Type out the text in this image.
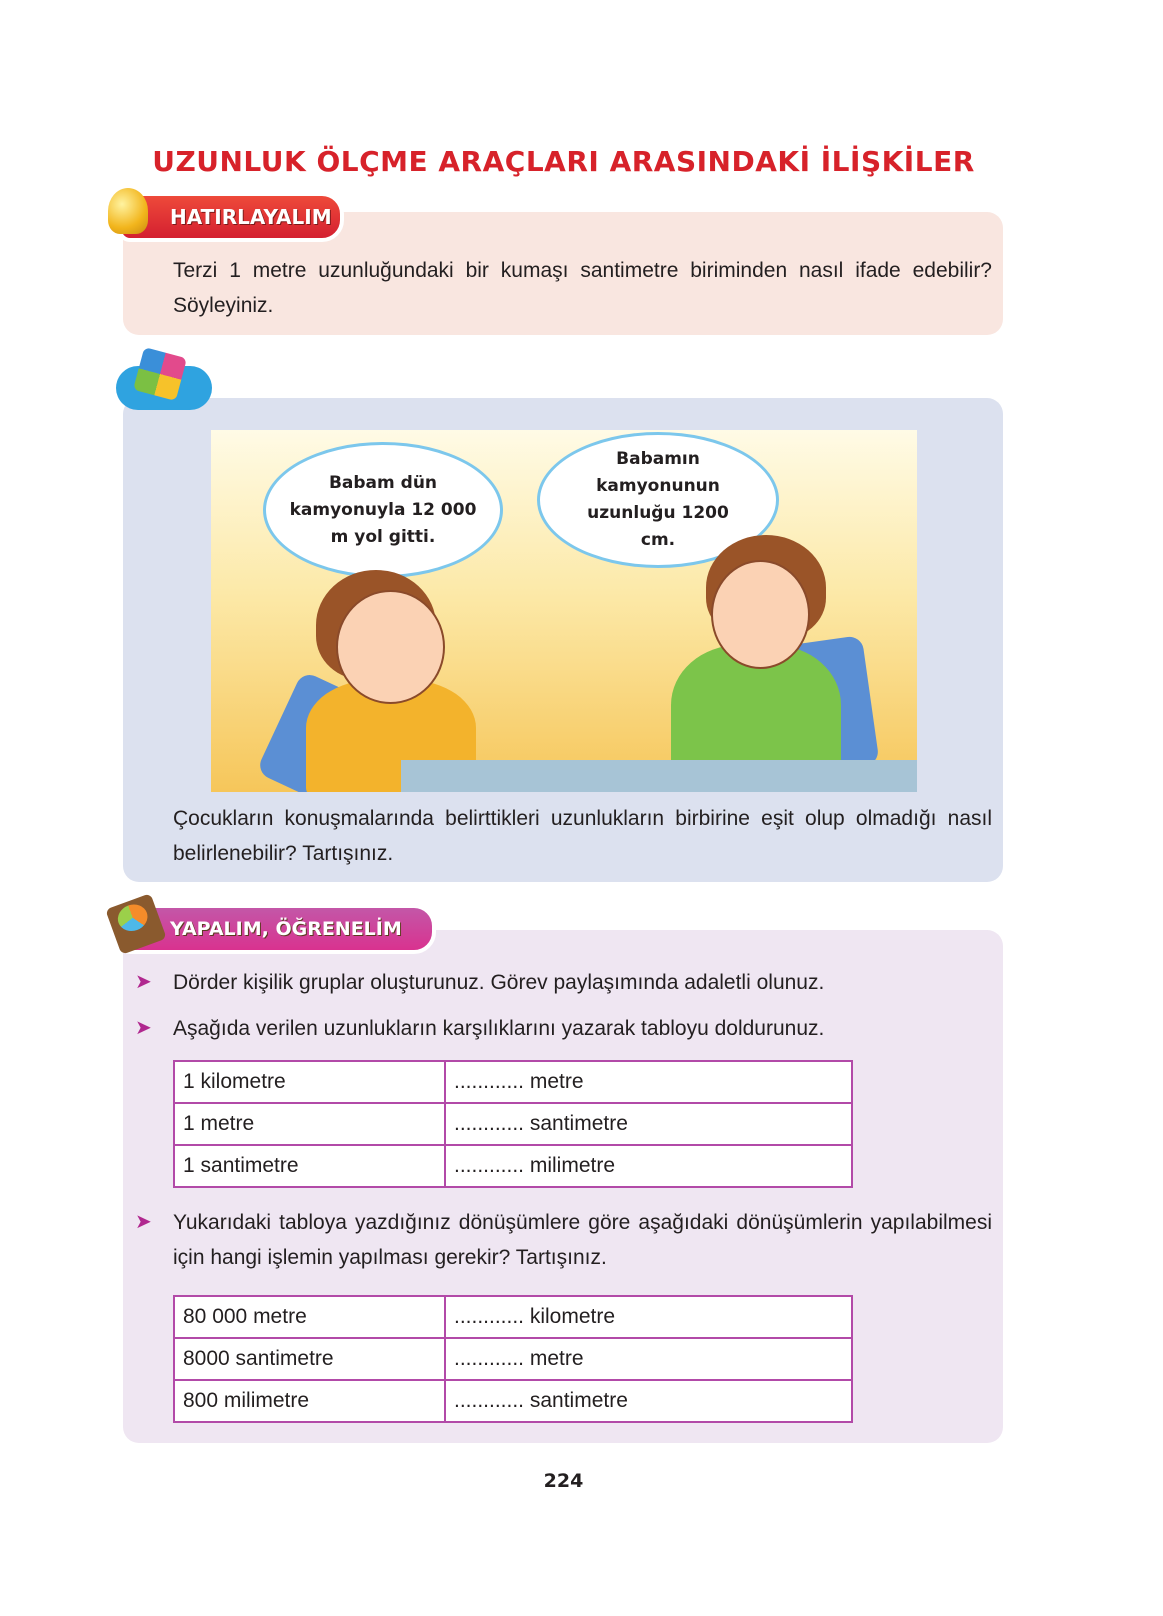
UZUNLUK ÖLÇME ARAÇLARI ARASINDAKİ İLİŞKİLER
HATIRLAYALIM
Terzi 1 metre uzunluğundaki bir kumaşı santimetre biriminden nasıl ifade edebilir? Söyleyiniz.
Babam dün kamyonuyla 12 000 m yol gitti.
Babamın kamyonunun uzunluğu 1200 cm.
Çocukların konuşmalarında belirttikleri uzunlukların birbirine eşit olup olmadığı nasıl belirlenebilir? Tartışınız.
YAPALIM, ÖĞRENELİM
➤	Dörder kişilik gruplar oluşturunuz. Görev paylaşımında adaletli olunuz.
➤	Aşağıda verilen uzunlukların karşılıklarını yazarak tabloyu doldurunuz.
1 kilometre	............ metre
1 metre	............ santimetre
1 santimetre	............ milimetre
➤	Yukarıdaki tabloya yazdığınız dönüşümlere göre aşağıdaki dönüşümlerin yapılabilmesi için hangi işlemin yapılması gerekir? Tartışınız.
80 000 metre	............ kilometre
8000 santimetre	............ metre
800 milimetre	............ santimetre
224
